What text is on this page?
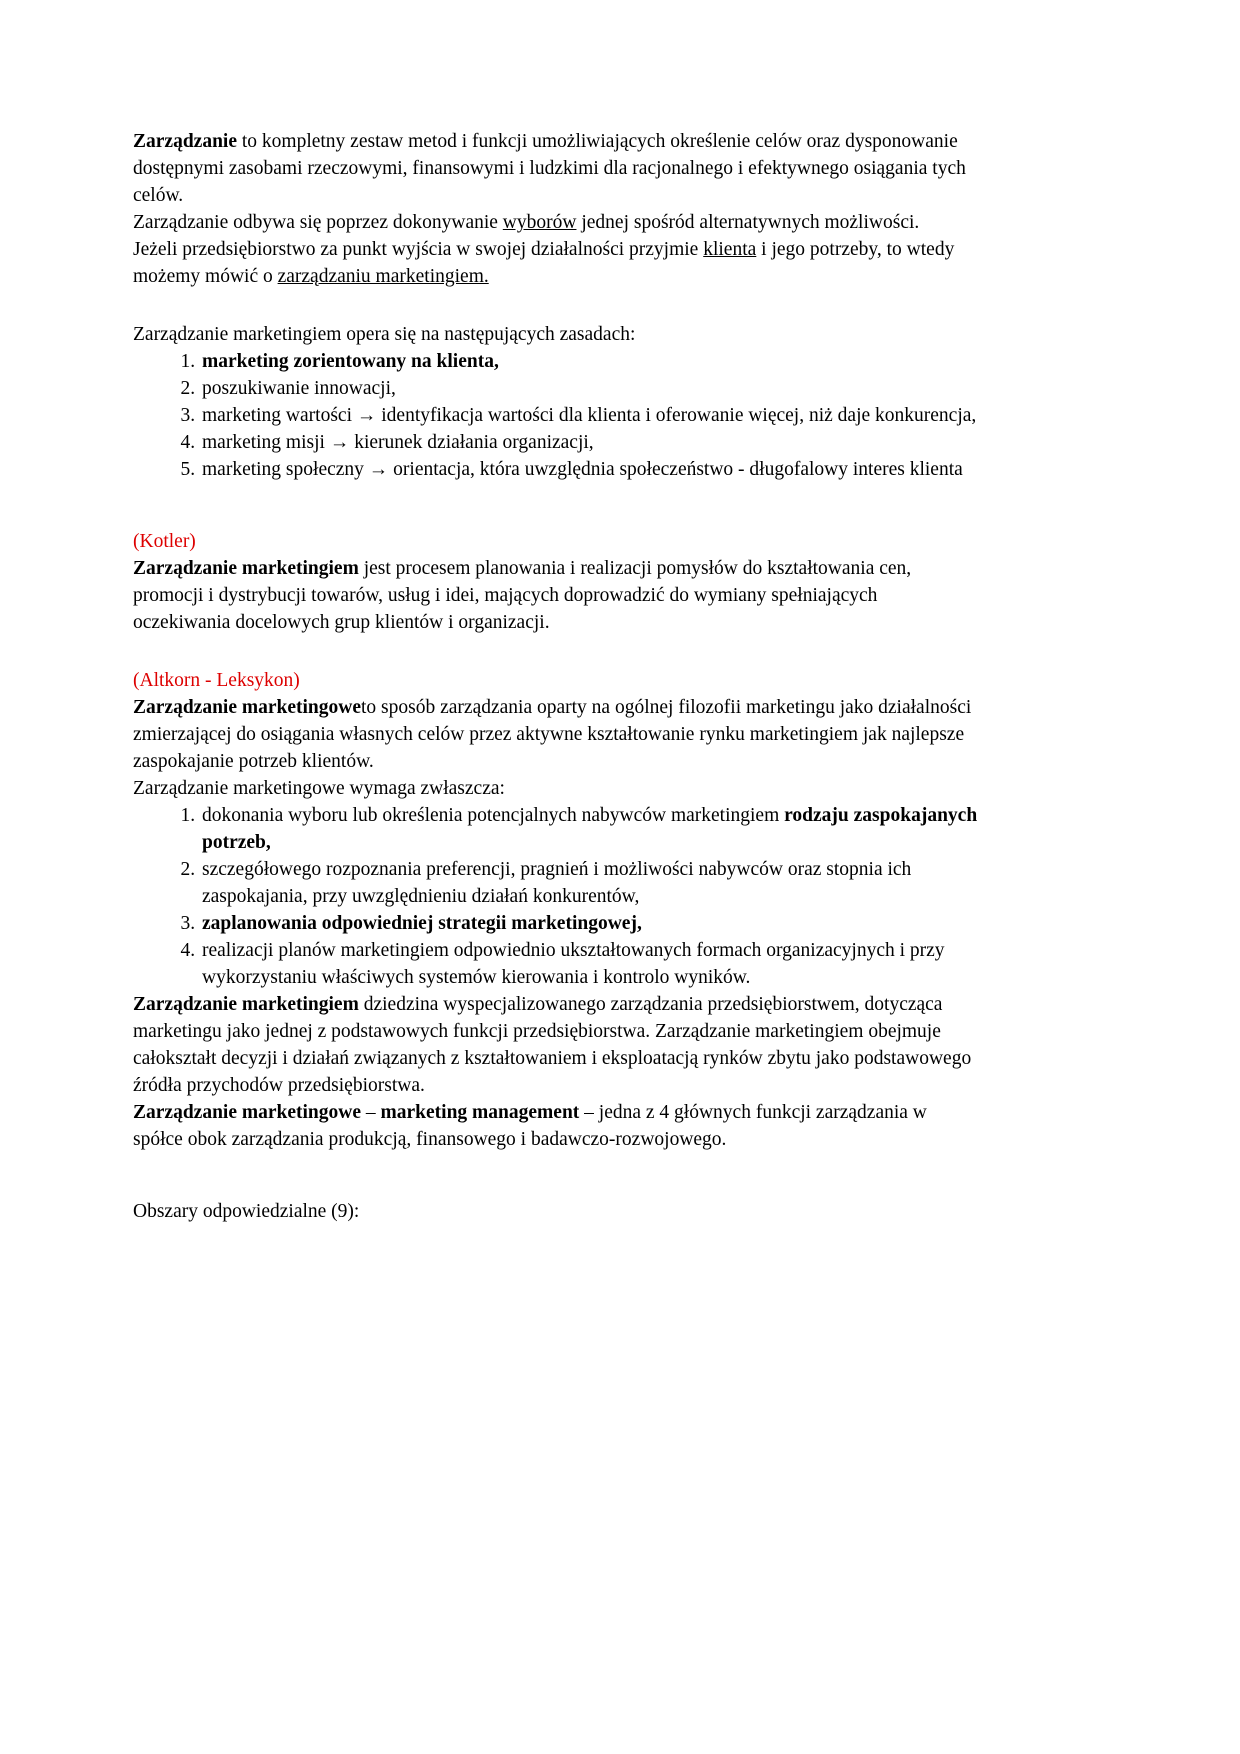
Zarządzanie to kompletny zestaw metod i funkcji umożliwiających określenie celów oraz dysponowanie dostępnymi zasobami rzeczowymi, finansowymi i ludzkimi dla racjonalnego i efektywnego osiągania tych celów.

Zarządzanie odbywa się poprzez dokonywanie wyborów jednej spośród alternatywnych możliwości.

Jeżeli przedsiębiorstwo za punkt wyjścia w swojej działalności przyjmie klienta i jego potrzeby, to wtedy możemy mówić o zarządzaniu marketingiem.

Zarządzanie marketingiem opera się na następujących zasadach:

1. marketing zorientowany na klienta,
2. poszukiwanie innowacji,
3. marketing wartości → identyfikacja wartości dla klienta i oferowanie więcej, niż daje konkurencja,
4. marketing misji → kierunek działania organizacji,
5. marketing społeczny → orientacja, która uwzględnia społeczeństwo - długofalowy interes klienta

(Kotler)

Zarządzanie marketingiem jest procesem planowania i realizacji pomysłów do kształtowania cen, promocji i dystrybucji towarów, usług i idei, mających doprowadzić do wymiany spełniających oczekiwania docelowych grup klientów i organizacji.

(Altkorn - Leksykon)

Zarządzanie marketingoweto sposób zarządzania oparty na ogólnej filozofii marketingu jako działalności zmierzającej do osiągania własnych celów przez aktywne kształtowanie rynku marketingiem jak najlepsze zaspokajanie potrzeb klientów.

Zarządzanie marketingowe wymaga zwłaszcza:

1. dokonania wyboru lub określenia potencjalnych nabywców marketingiem rodzaju zaspokajanych potrzeb,
2. szczegółowego rozpoznania preferencji, pragnień i możliwości nabywców oraz stopnia ich zaspokajania, przy uwzględnieniu działań konkurentów,
3. zaplanowania odpowiedniej strategii marketingowej,
4. realizacji planów marketingiem odpowiednio ukształtowanych formach organizacyjnych i przy wykorzystaniu właściwych systemów kierowania i kontrolo wyników.

Zarządzanie marketingiem dziedzina wyspecjalizowanego zarządzania przedsiębiorstwem, dotycząca marketingu jako jednej z podstawowych funkcji przedsiębiorstwa. Zarządzanie marketingiem obejmuje całokształt decyzji i działań związanych z kształtowaniem i eksploatacją rynków zbytu jako podstawowego źródła przychodów przedsiębiorstwa.

Zarządzanie marketingowe – marketing management – jedna z 4 głównych funkcji zarządzania w spółce obok zarządzania produkcją, finansowego i badawczo-rozwojowego.

Obszary odpowiedzialne (9):
